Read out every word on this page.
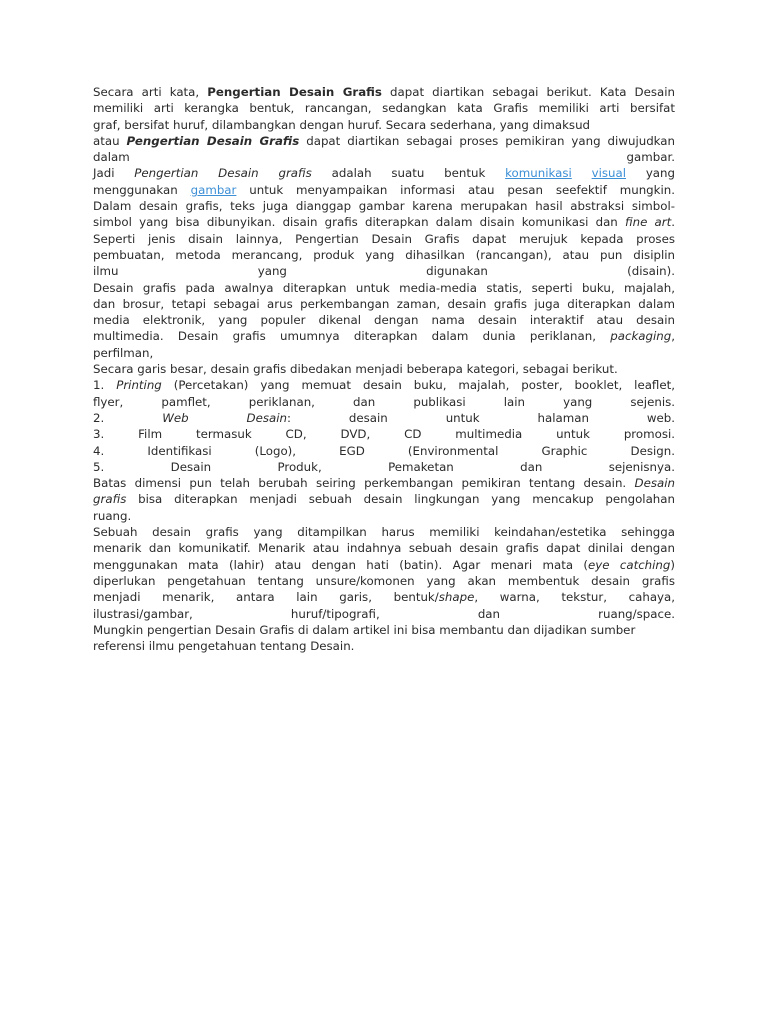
Secara arti kata, Pengertian Desain Grafis dapat diartikan sebagai berikut. Kata Desain

memiliki arti kerangka bentuk, rancangan, sedangkan kata Grafis memiliki arti bersifat

graf, bersifat huruf, dilambangkan dengan huruf. Secara sederhana, yang dimaksud

atau Pengertian Desain Grafis dapat diartikan sebagai proses pemikiran yang diwujudkan

dalam gambar.

Jadi Pengertian Desain grafis adalah suatu bentuk komunikasi visual yang

menggunakan gambar untuk menyampaikan informasi atau pesan seefektif mungkin.

Dalam desain grafis, teks juga dianggap gambar karena merupakan hasil abstraksi simbol-

simbol yang bisa dibunyikan. disain grafis diterapkan dalam disain komunikasi dan fine art.

Seperti jenis disain lainnya, Pengertian Desain Grafis dapat merujuk kepada proses

pembuatan, metoda merancang, produk yang dihasilkan (rancangan), atau pun disiplin

ilmu yang digunakan (disain).

Desain grafis pada awalnya diterapkan untuk media-media statis, seperti buku, majalah,

dan brosur, tetapi sebagai arus perkembangan zaman, desain grafis juga diterapkan dalam

media elektronik, yang populer dikenal dengan nama desain interaktif atau desain

multimedia. Desain grafis umumnya diterapkan dalam dunia periklanan, packaging,

perfilman,

Secara garis besar, desain grafis dibedakan menjadi beberapa kategori, sebagai berikut.

1. Printing (Percetakan) yang memuat desain buku, majalah, poster, booklet, leaflet,

flyer, pamflet, periklanan, dan publikasi lain yang sejenis.

2. Web Desain: desain untuk halaman web.

3. Film termasuk CD, DVD, CD multimedia untuk promosi.

4. Identifikasi (Logo), EGD (Environmental Graphic Design.

5. Desain Produk, Pemaketan dan sejenisnya.

Batas dimensi pun telah berubah seiring perkembangan pemikiran tentang desain. Desain

grafis bisa diterapkan menjadi sebuah desain lingkungan yang mencakup pengolahan

ruang.

Sebuah desain grafis yang ditampilkan harus memiliki keindahan/estetika sehingga

menarik dan komunikatif. Menarik atau indahnya sebuah desain grafis dapat dinilai dengan

menggunakan mata (lahir) atau dengan hati (batin). Agar menari mata (eye catching)

diperlukan pengetahuan tentang unsure/komonen yang akan membentuk desain grafis

menjadi menarik, antara lain garis, bentuk/shape, warna, tekstur, cahaya,

ilustrasi/gambar, huruf/tipografi, dan ruang/space.

Mungkin pengertian Desain Grafis di dalam artikel ini bisa membantu dan dijadikan sumber

referensi ilmu pengetahuan tentang Desain.
